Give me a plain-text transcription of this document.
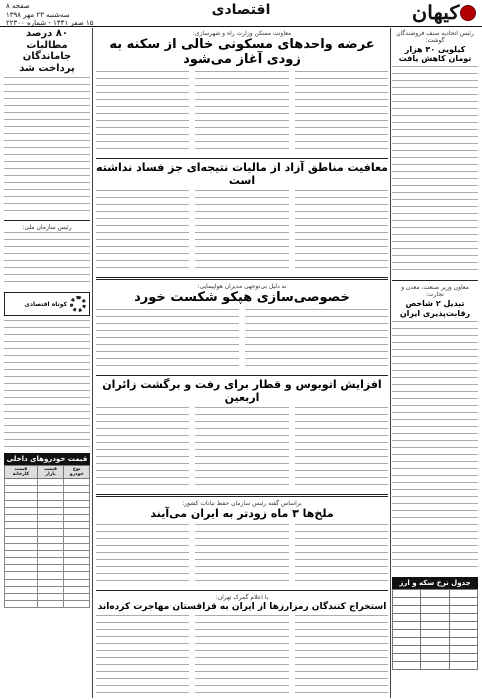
کیهان
اقتصادی
صفحه ۸
سه‌شنبه ۲۳ مهر ۱۳۹۸
۱۵ صفر ۱۴۴۱ - شماره ۲۲۳۰۰
رئیس اتحادیه صنف فروشندگان گوشت:
کیلویی ۳۰ هزار تومان کاهش یافت
معاون وزیر صنعت، معدن و تجارت:
تبدیل ۲ شاخص رقابت‌پذیری ایران
جدول نرخ سکه و ارز

معاونت مسکن وزارت راه و شهرسازی:
عرضه واحدهای مسکونی خالی از سکنه به زودی آغاز می‌شود
معافیت مناطق آزاد از مالیات نتیجه‌ای جز فساد نداشته است
به دلیل بی‌توجهی مدیران هواپیمایی:
خصوصی‌سازی هپکو شکست خورد
افزایش اتوبوس و قطار برای رفت و برگشت زائران اربعین
براساس گفته رئیس سازمان حفظ نباتات کشور:
ملخ‌ها ۳ ماه زودتر به ایران می‌آیند
با اعلام گمرک تهران:
استخراج کنندگان رمزارزها از ایران به قزاقستان مهاجرت کرده‌اند
۸۰ درصد مطالبات جاماندگان پرداخت شد
رئیس سازمان ملی:
کوتاه اقتصادی
قیمت خودروهای داخلی
نوع خودرو	قیمت بازار	قیمت کارخانه
